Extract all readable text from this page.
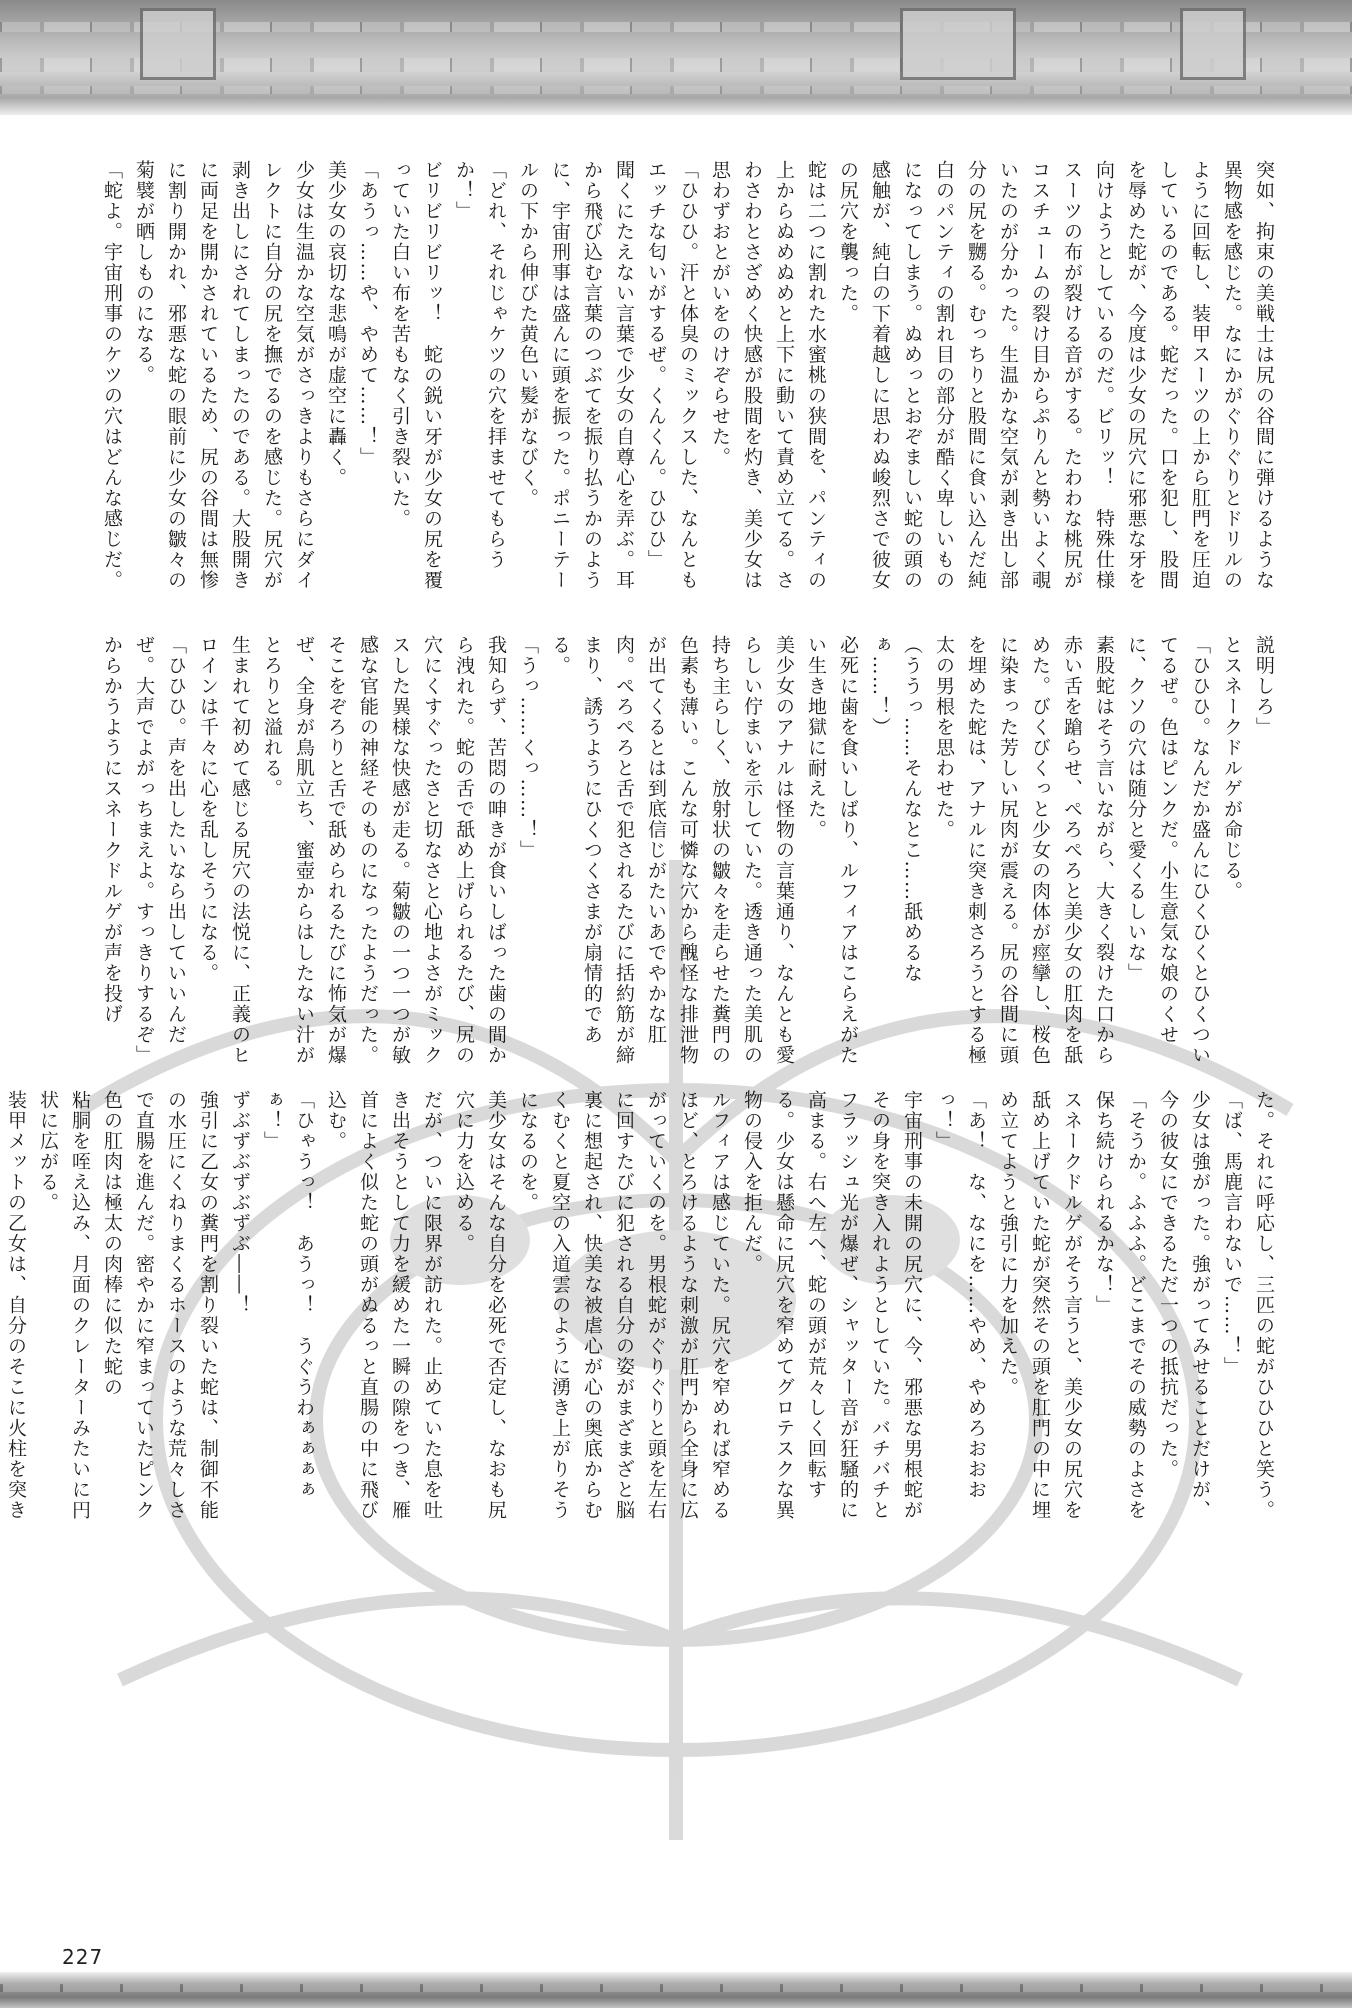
突如、拘束の美戦士は尻の谷間に弾けるような異物感を感じた。なにかがぐりぐりとドリルのように回転し、装甲スーツの上から肛門を圧迫しているのである。蛇だった。口を犯し、股間を辱めた蛇が、今度は少女の尻穴に邪悪な牙を向けようとしているのだ。ビリッ！　特殊仕様スーツの布が裂ける音がする。たわわな桃尻がコスチュームの裂け目からぷりんと勢いよく覗いたのが分かった。生温かな空気が剥き出し部分の尻を嬲る。むっちりと股間に食い込んだ純白のパンティの割れ目の部分が酷く卑しいものになってしまう。ぬめっとおぞましい蛇の頭の感触が、純白の下着越しに思わぬ峻烈さで彼女の尻穴を襲った。

蛇は二つに割れた水蜜桃の狭間を、パンティの上からぬめぬめと上下に動いて責め立てる。さわさわとさざめく快感が股間を灼き、美少女は思わずおとがいをのけぞらせた。

「ひひひ。汗と体臭のミックスした、なんともエッチな匂いがするぜ。くんくん。ひひひ」

聞くにたえない言葉で少女の自尊心を弄ぶ。耳から飛び込む言葉のつぶてを振り払うかのように、宇宙刑事は盛んに頭を振った。ポニーテールの下から伸びた黄色い髪がなびく。

「どれ、それじゃケツの穴を拝ませてもらうか！」

ビリビリビリッ！　蛇の鋭い牙が少女の尻を覆っていた白い布を苦もなく引き裂いた。

「あうっ……や、やめて……！」

美少女の哀切な悲鳴が虚空に轟く。

少女は生温かな空気がさっきよりもさらにダイレクトに自分の尻を撫でるのを感じた。尻穴が剥き出しにされてしまったのである。大股開きに両足を開かされているため、尻の谷間は無惨に割り開かれ、邪悪な蛇の眼前に少女の皺々の菊襞が晒しものになる。

「蛇よ。宇宙刑事のケツの穴はどんな感じだ。

説明しろ」

とスネークドルゲが命じる。

「ひひひ。なんだか盛んにひくひくとひくついてるぜ。色はピンクだ。小生意気な娘のくせに、クソの穴は随分と愛くるしいな」

素股蛇はそう言いながら、大きく裂けた口から赤い舌を蹌らせ、ぺろぺろと美少女の肛肉を舐めた。びくびくっと少女の肉体が痙攣し、桜色に染まった芳しい尻肉が震える。尻の谷間に頭を埋めた蛇は、アナルに突き刺さろうとする極太の男根を思わせた。

（ううっ……そんなとこ……舐めるなぁ……！）

必死に歯を食いしばり、ルフィアはこらえがたい生き地獄に耐えた。

美少女のアナルは怪物の言葉通り、なんとも愛らしい佇まいを示していた。透き通った美肌の持ち主らしく、放射状の皺々を走らせた糞門の色素も薄い。こんな可憐な穴から醜怪な排泄物が出てくるとは到底信じがたいあでやかな肛肉。ぺろぺろと舌で犯されるたびに括約筋が締まり、誘うようにひくつくさまが扇情的である。

「うっ……くっ……！」

我知らず、苦悶の呻きが食いしばった歯の間から洩れた。蛇の舌で舐め上げられるたび、尻の穴にくすぐったさと切なさと心地よさがミックスした異様な快感が走る。菊皺の一つ一つが敏感な官能の神経そのものになったようだった。そこをぞろりと舌で舐められるたびに怖気が爆ぜ、全身が鳥肌立ち、蜜壺からはしたない汁がとろりと溢れる。

生まれて初めて感じる尻穴の法悦に、正義のヒロインは千々に心を乱しそうになる。

「ひひひ。声を出したいなら出していいんだぜ。大声でよがっちまえよ。すっきりするぞ」

からかうようにスネークドルゲが声を投げ

た。それに呼応し、三匹の蛇がひひひと笑う。

「ば、馬鹿言わないで……！」

少女は強がった。強がってみせることだけが、今の彼女にできるただ一つの抵抗だった。

「そうか。ふふふ。どこまでその威勢のよさを保ち続けられるかな！」

スネークドルゲがそう言うと、美少女の尻穴を舐め上げていた蛇が突然その頭を肛門の中に埋め立てようと強引に力を加えた。

「あ！　な、なにを……やめ、やめろおおおっ！」

宇宙刑事の未開の尻穴に、今、邪悪な男根蛇がその身を突き入れようとしていた。バチバチとフラッシュ光が爆ぜ、シャッター音が狂騒的に高まる。右へ左へ、蛇の頭が荒々しく回転する。少女は懸命に尻穴を窄めてグロテスクな異物の侵入を拒んだ。

ルフィアは感じていた。尻穴を窄めれば窄めるほど、とろけるような刺激が肛門から全身に広がっていくのを。男根蛇がぐりぐりと頭を左右に回すたびに犯される自分の姿がまざまざと脳裏に想起され、快美な被虐心が心の奥底からむくむくと夏空の入道雲のように湧き上がりそうになるのを。

美少女はそんな自分を必死で否定し、なおも尻穴に力を込める。

だが、ついに限界が訪れた。止めていた息を吐き出そうとして力を緩めた一瞬の隙をつき、雁首によく似た蛇の頭がぬるっと直腸の中に飛び込む。

「ひゃうっ！　あうっ！　うぐうわぁぁぁぁぁ！」

ずぶずぶずぶずぶ――！

強引に乙女の糞門を割り裂いた蛇は、制御不能の水圧にくねりまくるホースのような荒々しさで直腸を進んだ。密やかに窄まっていたピンク色の肛肉は極太の肉棒に似た蛇の

粘胴を咥え込み、月面のクレーターみたいに円状に広がる。

装甲メットの乙女は、自分のそこに火柱を突き

227
